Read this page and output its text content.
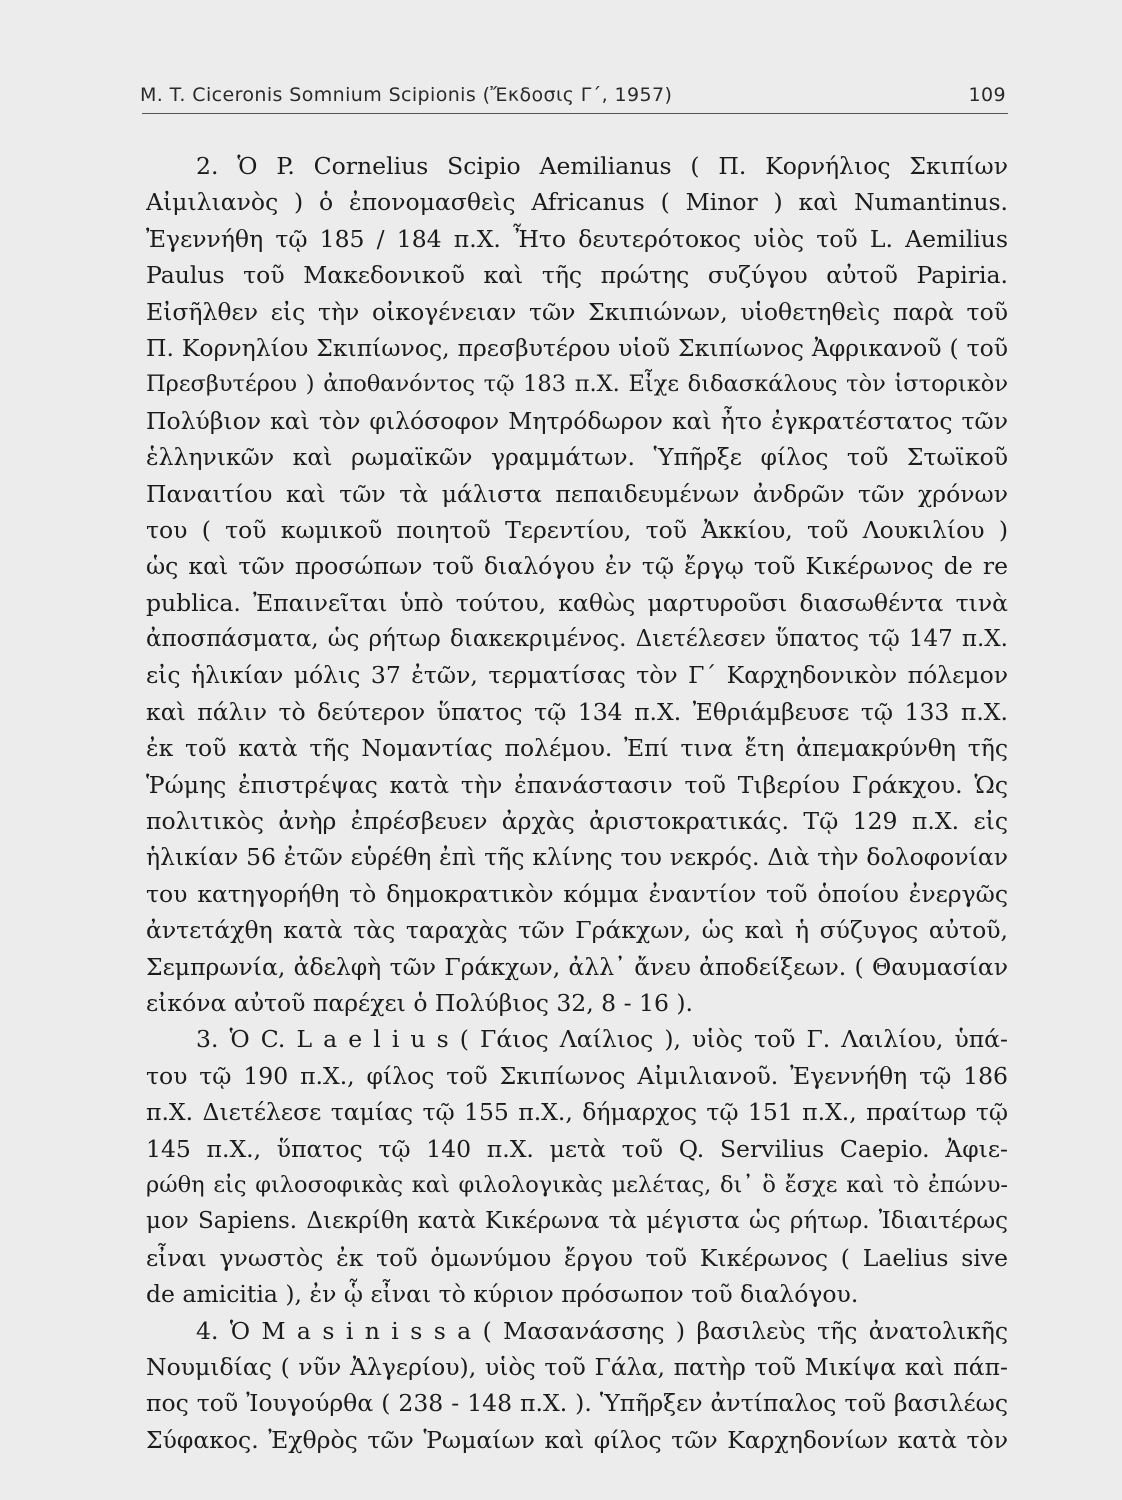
M. T. Ciceronis Somnium Scipionis (Ἔκδοσις Γ΄, 1957)	109
2. Ὁ P. Cornelius Scipio Aemilianus ( Π. Κορνήλιος Σκιπίων
Αἰμιλιανὸς ) ὁ ἐπονομασθεὶς Africanus ( Minor ) καὶ Numantinus.
Ἐγεννήθη τῷ 185 / 184 π.Χ. Ἦτο δευτερότοκος υἱὸς τοῦ L. Aemilius
Paulus τοῦ Μακεδονικοῦ καὶ τῆς πρώτης συζύγου αὐτοῦ Papiria.
Εἰσῆλθεν εἰς τὴν οἰκογένειαν τῶν Σκιπιώνων, υἱοθετηθεὶς παρὰ τοῦ
Π. Κορνηλίου Σκιπίωνος, πρεσβυτέρου υἱοῦ Σκιπίωνος Ἀφρικανοῦ ( τοῦ
Πρεσβυτέρου ) ἀποθανόντος τῷ 183 π.Χ. Εἶχε διδασκάλους τὸν ἱστορικὸν
Πολύβιον καὶ τὸν φιλόσοφον Μητρόδωρον καὶ ἦτο ἐγκρατέστατος τῶν
ἑλληνικῶν καὶ ρωμαϊκῶν γραμμάτων. Ὑπῆρξε φίλος τοῦ Στωϊκοῦ
Παναιτίου καὶ τῶν τὰ μάλιστα πεπαιδευμένων ἀνδρῶν τῶν χρόνων
του ( τοῦ κωμικοῦ ποιητοῦ Τερεντίου, τοῦ Ἀκκίου, τοῦ Λουκιλίου )
ὡς καὶ τῶν προσώπων τοῦ διαλόγου ἐν τῷ ἔργῳ τοῦ Κικέρωνος de re
publica. Ἐπαινεῖται ὑπὸ τούτου, καθὼς μαρτυροῦσι διασωθέντα τινὰ
ἀποσπάσματα, ὡς ρήτωρ διακεκριμένος. Διετέλεσεν ὕπατος τῷ 147 π.Χ.
εἰς ἡλικίαν μόλις 37 ἐτῶν, τερματίσας τὸν Γ΄ Καρχηδονικὸν πόλεμον
καὶ πάλιν τὸ δεύτερον ὕπατος τῷ 134 π.Χ. Ἐθριάμβευσε τῷ 133 π.Χ.
ἐκ τοῦ κατὰ τῆς Νομαντίας πολέμου. Ἐπί τινα ἔτη ἀπεμακρύνθη τῆς
Ῥώμης ἐπιστρέψας κατὰ τὴν ἐπανάστασιν τοῦ Τιβερίου Γράκχου. Ὡς
πολιτικὸς ἀνὴρ ἐπρέσβευεν ἀρχὰς ἀριστοκρατικάς. Τῷ 129 π.Χ. εἰς
ἡλικίαν 56 ἐτῶν εὑρέθη ἐπὶ τῆς κλίνης του νεκρός. Διὰ τὴν δολοφονίαν
του κατηγορήθη τὸ δημοκρατικὸν κόμμα ἐναντίον τοῦ ὁποίου ἐνεργῶς
ἀντετάχθη κατὰ τὰς ταραχὰς τῶν Γράκχων, ὡς καὶ ἡ σύζυγος αὐτοῦ,
Σεμπρωνία, ἀδελφὴ τῶν Γράκχων, ἀλλ᾽ ἄνευ ἀποδείξεων. ( Θαυμασίαν
εἰκόνα αὐτοῦ παρέχει ὁ Πολύβιος 32, 8 - 16 ).
3. Ὁ C. L a e l i u s ( Γάιος Λαίλιος ), υἱὸς τοῦ Γ. Λαιλίου, ὑπά-
του τῷ 190 π.Χ., φίλος τοῦ Σκιπίωνος Αἰμιλιανοῦ. Ἐγεννήθη τῷ 186
π.Χ. Διετέλεσε ταμίας τῷ 155 π.Χ., δήμαρχος τῷ 151 π.Χ., πραίτωρ τῷ
145 π.Χ., ὕπατος τῷ 140 π.Χ. μετὰ τοῦ Q. Servilius Caepio. Ἀφιε-
ρώθη εἰς φιλοσοφικὰς καὶ φιλολογικὰς μελέτας, δι᾽ ὃ ἔσχε καὶ τὸ ἐπώνυ-
μον Sapiens. Διεκρίθη κατὰ Κικέρωνα τὰ μέγιστα ὡς ρήτωρ. Ἰδιαιτέρως
εἶναι γνωστὸς ἐκ τοῦ ὁμωνύμου ἔργου τοῦ Κικέρωνος ( Laelius sive
de amicitia ), ἐν ᾧ εἶναι τὸ κύριον πρόσωπον τοῦ διαλόγου.
4. Ὁ M a s i n i s s a ( Μασανάσσης ) βασιλεὺς τῆς ἀνατολικῆς
Νουμιδίας ( νῦν Ἀλγερίου), υἱὸς τοῦ Γάλα, πατὴρ τοῦ Μικίψα καὶ πάπ-
πος τοῦ Ἰουγούρθα ( 238 - 148 π.Χ. ). Ὑπῆρξεν ἀντίπαλος τοῦ βασιλέως
Σύφακος. Ἐχθρὸς τῶν Ῥωμαίων καὶ φίλος τῶν Καρχηδονίων κατὰ τὸν
